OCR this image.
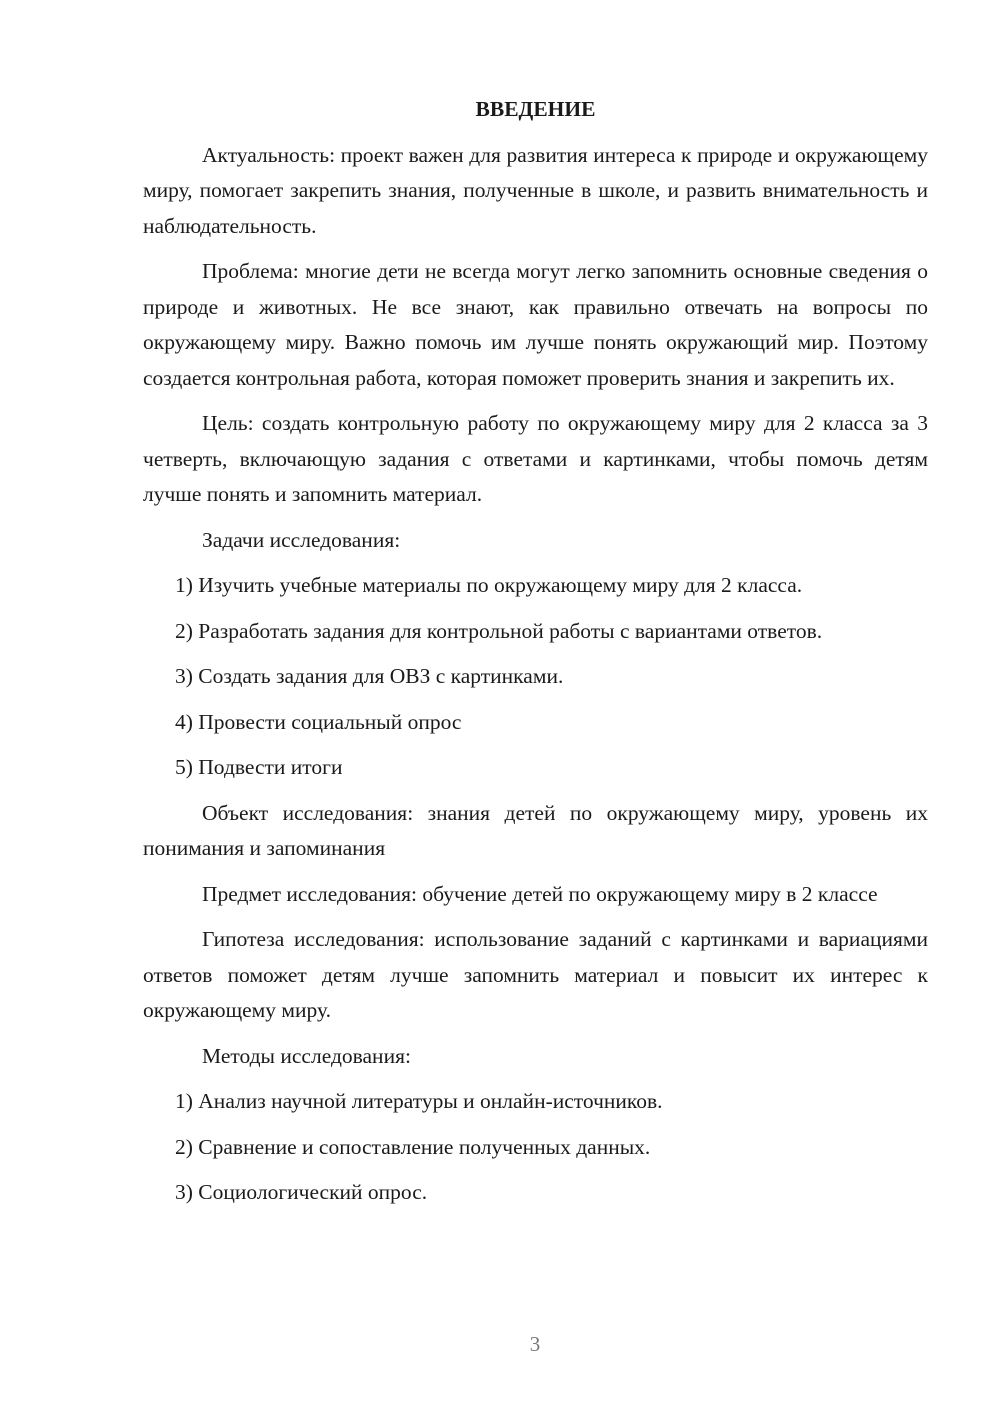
ВВЕДЕНИЕ

Актуальность: проект важен для развития интереса к природе и окружающему миру, помогает закрепить знания, полученные в школе, и развить внимательность и наблюдательность.

Проблема: многие дети не всегда могут легко запомнить основные сведения о природе и животных. Не все знают, как правильно отвечать на вопросы по окружающему миру. Важно помочь им лучше понять окружающий мир. Поэтому создается контрольная работа, которая поможет проверить знания и закрепить их.

Цель: создать контрольную работу по окружающему миру для 2 класса за 3 четверть, включающую задания с ответами и картинками, чтобы помочь детям лучше понять и запомнить материал.

Задачи исследования:

1) Изучить учебные материалы по окружающему миру для 2 класса.

2) Разработать задания для контрольной работы с вариантами ответов.

3) Создать задания для ОВЗ с картинками.

4) Провести социальный опрос

5) Подвести итоги

Объект исследования: знания детей по окружающему миру, уровень их понимания и запоминания

Предмет исследования: обучение детей по окружающему миру в 2 классе

Гипотеза исследования: использование заданий с картинками и вариациями ответов поможет детям лучше запомнить материал и повысит их интерес к окружающему миру.

Методы исследования:

1) Анализ научной литературы и онлайн-источников.

2) Сравнение и сопоставление полученных данных.

3) Социологический опрос.

3
